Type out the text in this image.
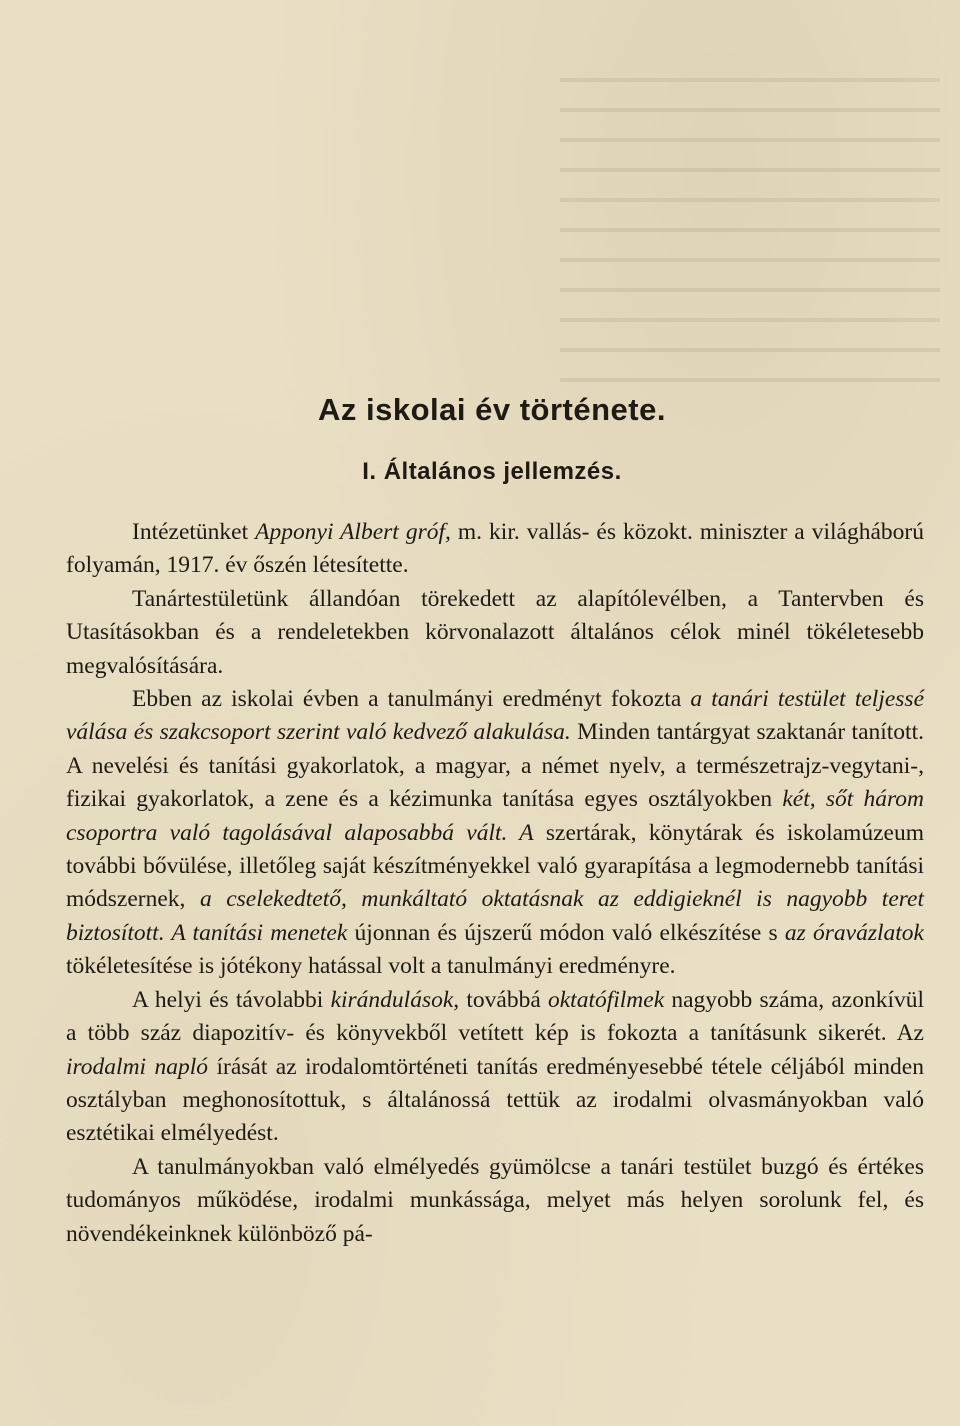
Az iskolai év története.
I. Általános jellemzés.

Intézetünket Apponyi Albert gróf, m. kir. vallás- és közokt. miniszter a világháború folyamán, 1917. év őszén létesítette.

Tanártestületünk állandóan törekedett az alapítólevélben, a Tantervben és Utasításokban és a rendeletekben körvonalazott általános célok minél tökéletesebb megvalósítására.

Ebben az iskolai évben a tanulmányi eredményt fokozta a tanári testület teljessé válása és szakcsoport szerint való kedvező alakulása. Minden tantárgyat szaktanár tanított. A nevelési és tanítási gyakorlatok, a magyar, a német nyelv, a természetrajz-vegytani-, fizikai gyakorlatok, a zene és a kézimunka tanítása egyes osztályokben két, sőt három csoportra való tagolásával alaposabbá vált. A szertárak, könytárak és iskolamúzeum további bővülése, illetőleg saját készítményekkel való gyarapítása a legmodernebb tanítási módszernek, a cselekedtető, munkáltató oktatásnak az eddigieknél is nagyobb teret biztosított. A tanítási menetek újonnan és újszerű módon való elkészítése s az óravázlatok tökéletesítése is jótékony hatással volt a tanulmányi eredményre.

A helyi és távolabbi kirándulások, továbbá oktatófilmek nagyobb száma, azonkívül a több száz diapozitív- és könyvekből vetített kép is fokozta a tanításunk sikerét. Az irodalmi napló írását az irodalomtörténeti tanítás eredményesebbé tétele céljából minden osztályban meghonosítottuk, s általánossá tettük az irodalmi olvasmányokban való esztétikai elmélyedést.

A tanulmányokban való elmélyedés gyümölcse a tanári testület buzgó és értékes tudományos működése, irodalmi munkássága, melyet más helyen sorolunk fel, és növendékeinknek különböző pá-
